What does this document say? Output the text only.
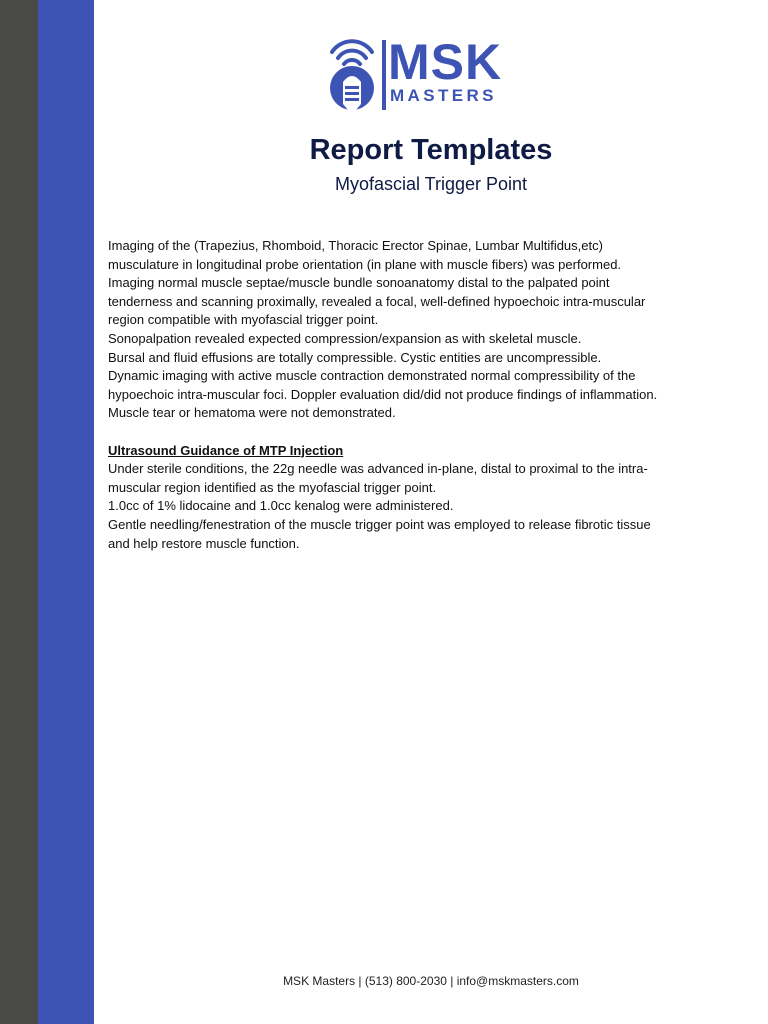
MSK
MASTERS
Report Templates
Myofascial Trigger Point

Imaging of the (Trapezius, Rhomboid, Thoracic Erector Spinae, Lumbar Multifidus,etc)

musculature in longitudinal probe orientation (in plane with muscle fibers) was performed.

Imaging normal muscle septae/muscle bundle sonoanatomy distal to the palpated point

tenderness and scanning proximally, revealed a focal, well-defined hypoechoic intra-muscular

region compatible with myofascial trigger point.

Sonopalpation revealed expected compression/expansion as with skeletal muscle.

Bursal and fluid effusions are totally compressible. Cystic entities are uncompressible.

Dynamic imaging with active muscle contraction demonstrated normal compressibility of the

hypoechoic intra-muscular foci. Doppler evaluation did/did not produce findings of inflammation.

Muscle tear or hematoma were not demonstrated.

Ultrasound Guidance of MTP Injection

Under sterile conditions, the 22g needle was advanced in-plane, distal to proximal to the intra-

muscular region identified as the myofascial trigger point.

1.0cc of 1% lidocaine and 1.0cc kenalog were administered.

Gentle needling/fenestration of the muscle trigger point was employed to release fibrotic tissue

and help restore muscle function.

MSK Masters | (513) 800-2030 | info@mskmasters.com
